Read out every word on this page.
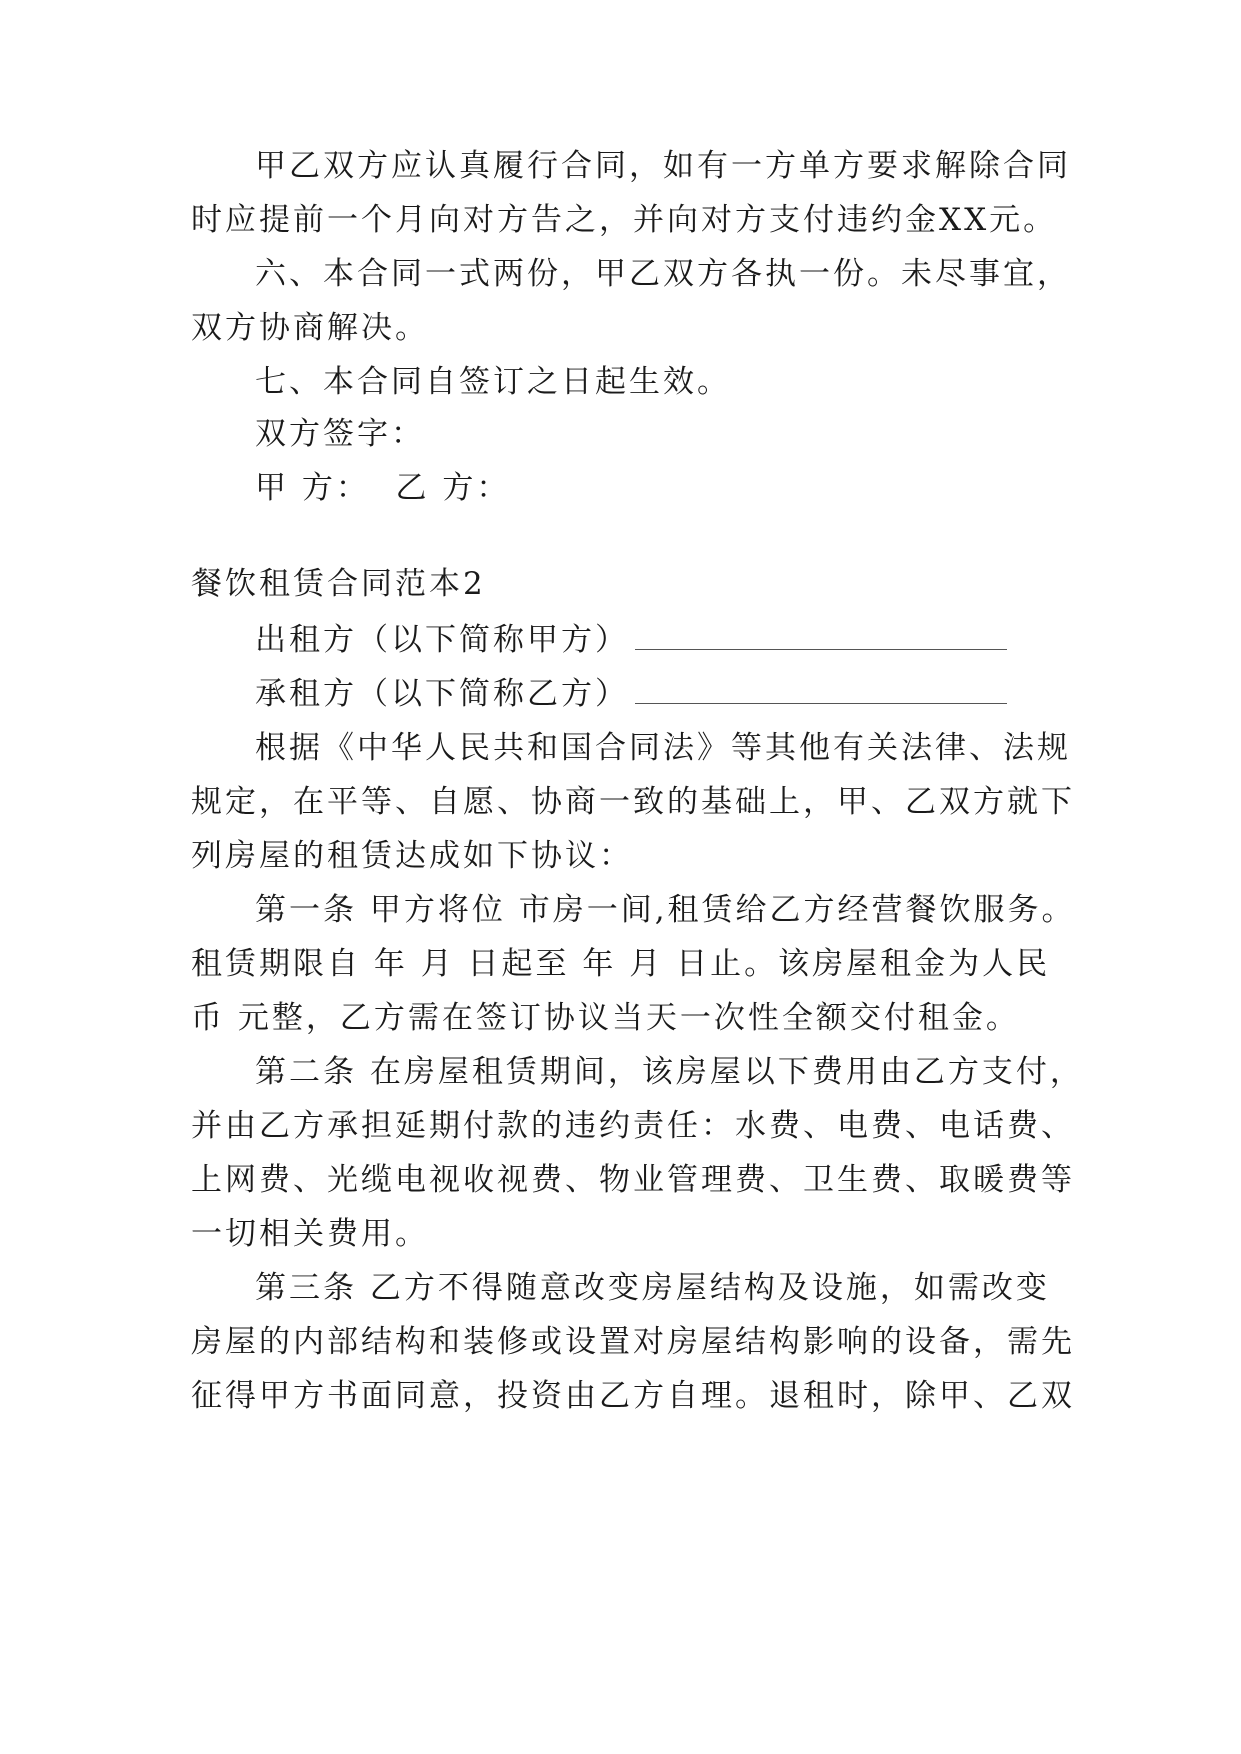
甲乙双方应认真履行合同，如有一方单方要求解除合同
时应提前一个月向对方告之，并向对方支付违约金XX元。
六、本合同一式两份，甲乙双方各执一份。未尽事宜，
双方协商解决。
七、本合同自签订之日起生效。
双方签字：
甲 方：  乙 方：
餐饮租赁合同范本2
出租方（以下简称甲方）
承租方（以下简称乙方）
根据《中华人民共和国合同法》等其他有关法律、法规
规定，在平等、自愿、协商一致的基础上，甲、乙双方就下
列房屋的租赁达成如下协议：
第一条 甲方将位 市房一间,租赁给乙方经营餐饮服务。
租赁期限自 年 月 日起至 年 月 日止。该房屋租金为人民
币 元整，乙方需在签订协议当天一次性全额交付租金。
第二条 在房屋租赁期间，该房屋以下费用由乙方支付，
并由乙方承担延期付款的违约责任：水费、电费、电话费、
上网费、光缆电视收视费、物业管理费、卫生费、取暖费等
一切相关费用。
第三条 乙方不得随意改变房屋结构及设施，如需改变
房屋的内部结构和装修或设置对房屋结构影响的设备，需先
征得甲方书面同意，投资由乙方自理。退租时，除甲、乙双
